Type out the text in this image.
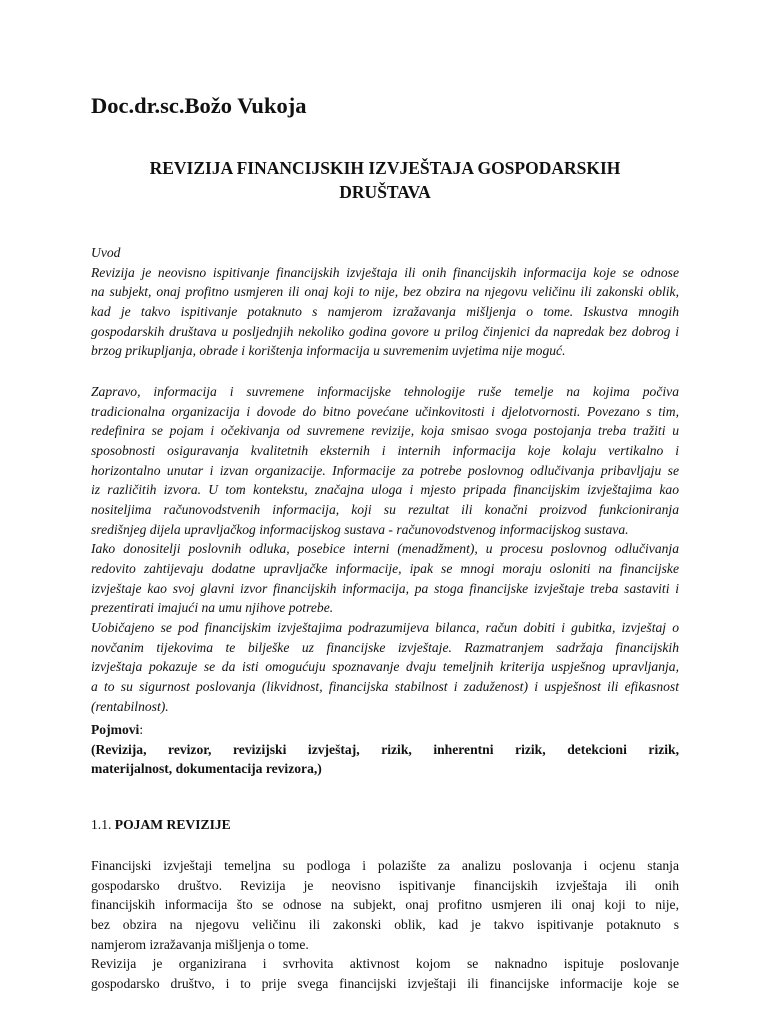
Doc.dr.sc.Božo Vukoja
REVIZIJA FINANCIJSKIH IZVJEŠTAJA GOSPODARSKIH
DRUŠTAVA
Uvod
Revizija je neovisno ispitivanje financijskih izvještaja ili onih financijskih informacija koje se odnose
na subjekt, onaj profitno usmjeren ili onaj koji to nije, bez obzira na njegovu veličinu ili zakonski oblik,
kad je takvo ispitivanje potaknuto s namjerom izražavanja mišljenja o tome. Iskustva mnogih
gospodarskih društava u posljednjih nekoliko godina govore u prilog činjenici da napredak bez dobrog i
brzog prikupljanja, obrade i korištenja informacija u suvremenim uvjetima nije moguć.
Zapravo, informacija i suvremene informacijske tehnologije ruše temelje na kojima počiva
tradicionalna organizacija i dovode do bitno povećane učinkovitosti i djelotvornosti. Povezano s tim,
redefinira se pojam i očekivanja od suvremene revizije, koja smisao svoga postojanja treba tražiti u
sposobnosti osiguravanja kvalitetnih eksternih i internih informacija koje kolaju vertikalno i
horizontalno unutar i izvan organizacije. Informacije za potrebe poslovnog odlučivanja pribavljaju se
iz različitih izvora. U tom kontekstu, značajna uloga i mjesto pripada financijskim izvještajima kao
nositeljima računovodstvenih informacija, koji su rezultat ili konačni proizvod funkcioniranja
središnjeg dijela upravljačkog informacijskog sustava - računovodstvenog informacijskog sustava.
Iako donositelji poslovnih odluka, posebice interni (menadžment), u procesu poslovnog odlučivanja
redovito zahtijevaju dodatne upravljačke informacije, ipak se mnogi moraju osloniti na financijske
izvještaje kao svoj glavni izvor financijskih informacija, pa stoga financijske izvještaje treba sastaviti i
prezentirati imajući na umu njihove potrebe.
Uobičajeno se pod financijskim izvještajima podrazumijeva bilanca, račun dobiti i gubitka, izvještaj o
novčanim tijekovima te bilješke uz financijske izvještaje. Razmatranjem sadržaja financijskih
izvještaja pokazuje se da isti omogućuju spoznavanje dvaju temeljnih kriterija uspješnog upravljanja,
a to su sigurnost poslovanja (likvidnost, financijska stabilnost i zaduženost) i uspješnost ili efikasnost
(rentabilnost).
Pojmovi:
(Revizija, revizor, revizijski izvještaj, rizik, inherentni rizik, detekcioni rizik,
materijalnost, dokumentacija revizora,)
1.1. POJAM REVIZIJE
Financijski izvještaji temeljna su podloga i polazište za analizu poslovanja i ocjenu stanja
gospodarsko društvo. Revizija je neovisno ispitivanje financijskih izvještaja ili onih
financijskih informacija što se odnose na subjekt, onaj profitno usmjeren ili onaj koji to nije,
bez obzira na njegovu veličinu ili zakonski oblik, kad je takvo ispitivanje potaknuto s
namjerom izražavanja mišljenja o tome.
Revizija je organizirana i svrhovita aktivnost kojom se naknadno ispituje poslovanje
gospodarsko društvo, i to prije svega financijski izvještaji ili financijske informacije koje se
